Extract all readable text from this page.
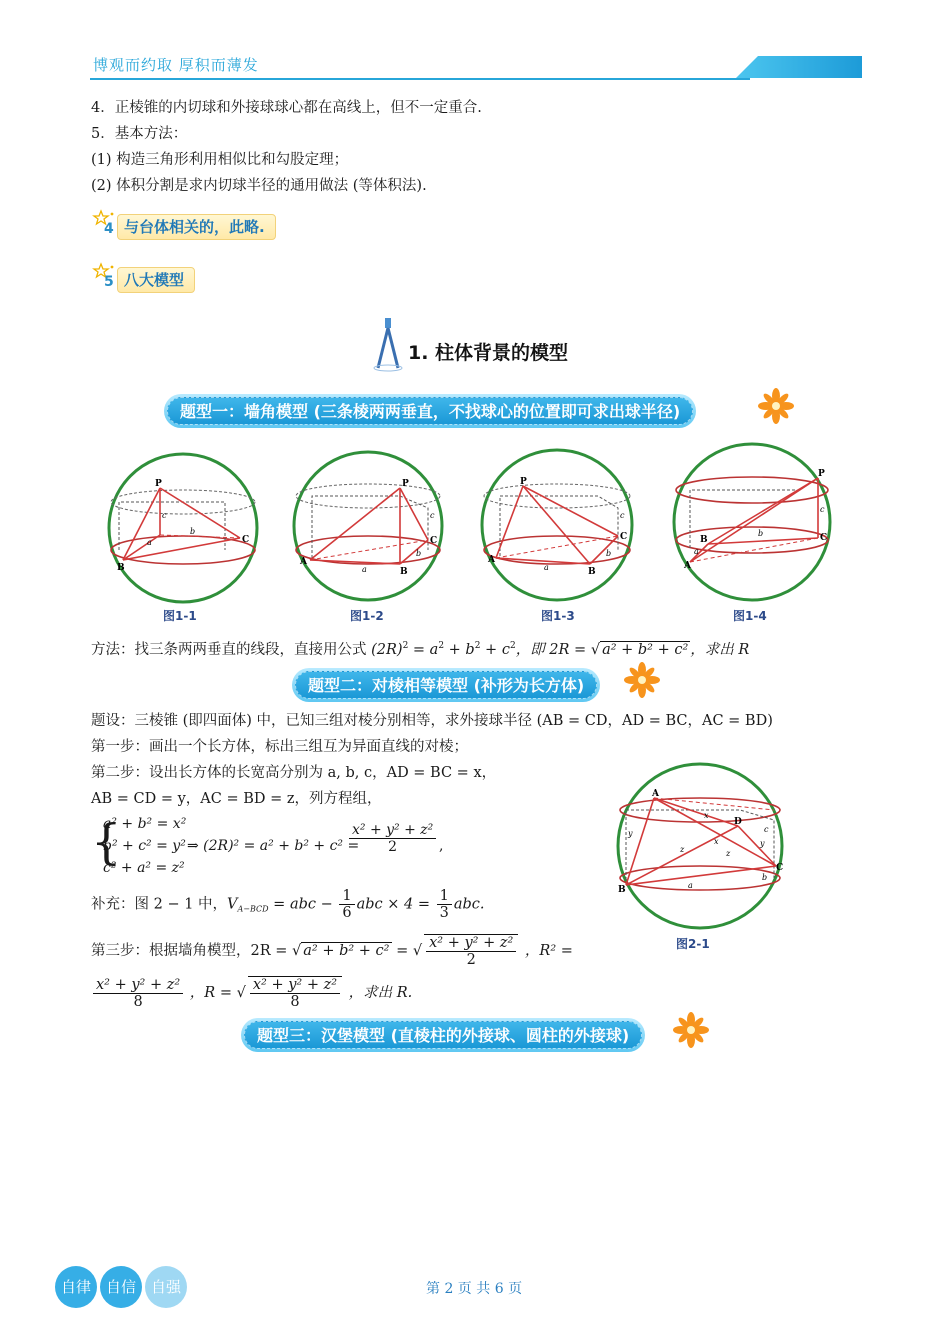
博观而约取 厚积而薄发
4．正棱锥的内切球和外接球球心都在高线上，但不一定重合.
5．基本方法：
(1) 构造三角形利用相似比和勾股定理；
(2) 体积分割是求内切球半径的通用做法 (等体积法).
4 与台体相关的，此略.
5 八大模型
1. 柱体背景的模型
题型一：墙角模型 (三条棱两两垂直，不找球心的位置即可求出球半径)
P
B
C
a
b
c
图1-1
P
A
B
C
a
b
c
图1-2
P
A
B
C
a
b
c
图1-3
P
A
B	C
a
b
c
图1-4
方法：找三条两两垂直的线段，直接用公式 $(2R)^2 = a^2 + b^2 + c^2$，即 2R = √ a² + b² + c² ，求出 R
题型二：对棱相等模型 (补形为长方体)
题设：三棱锥 (即四面体) 中，已知三组对棱分别相等，求外接球半径 (AB = CD，AD = BC，AC = BD)
第一步：画出一个长方体，标出三组互为异面直线的对棱；
第二步：设出长方体的长宽高分别为 a, b, c，AD = BC = x，
AB = CD = y，AC = BD = z，列方程组，
{
a² + b² = x²
b² + c² = y²
c² + a² = z²
⇒ (2R)² = a² + b² + c² =
$\frac{\text{x² + y² + z²}}{2}$ ,
补充：图 2 − 1 中，$V_{A-BCD}$ = abc − $\frac{1}{6}$ abc × $4 = \frac{1}{3}$ abc.
第三步：根据墙角模型，2R = √ a² + b² + c² = √ $\frac{\text{x² + y² + z²}}{2}$ ，R² =
$\frac{\text{x² + y² + z²}}{8}$ ，R = √ $\frac{\text{x² + y² + z²}}{8}$ ，求出 R.
A
B
C
D
x
x
y
y
z	z
a
b
c
图2-1
题型三：汉堡模型 (直棱柱的外接球、圆柱的外接球)
自律 自信 自强	第 2 页 共 6 页
